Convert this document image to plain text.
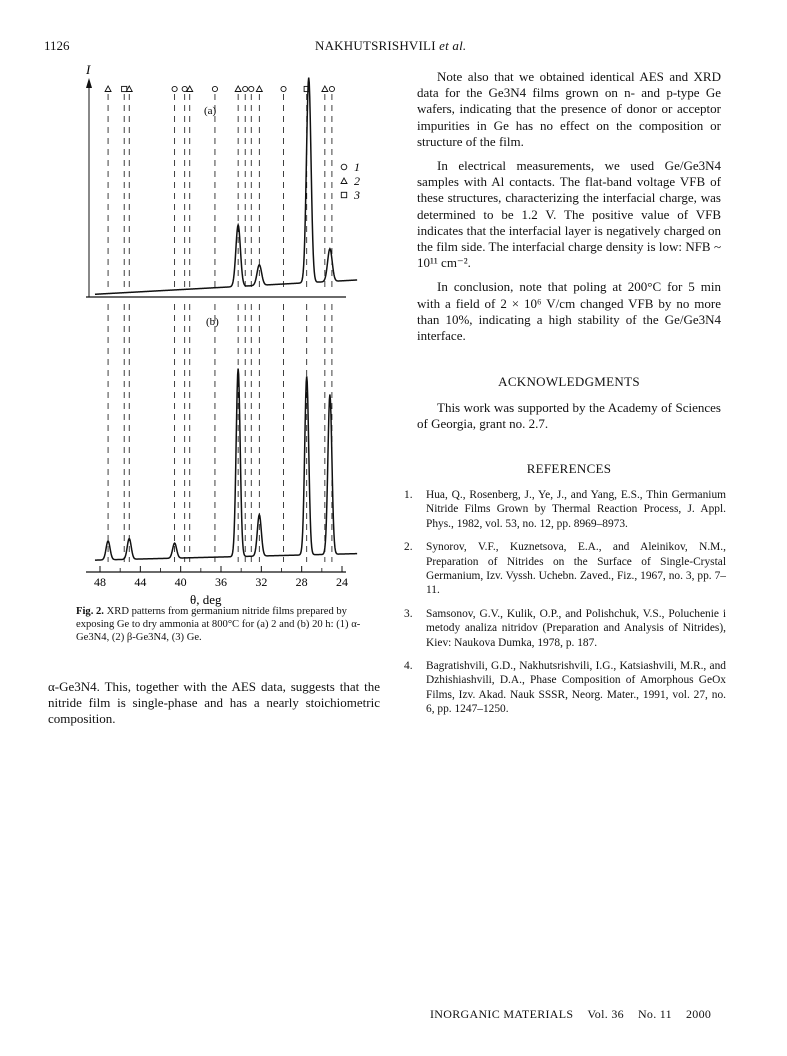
1126	NAKHUTSRISHVILI et al.
48 44 40 36 32 28 24
I
(a)
(b)
θ, deg
1
2
3
Fig. 2. XRD patterns from germanium nitride films prepared by exposing Ge to dry ammonia at 800°C for (a) 2 and (b) 20 h: (1) α-Ge3N4, (2) β-Ge3N4, (3) Ge.
α-Ge3N4. This, together with the AES data, suggests that the nitride film is single-phase and has a nearly stoichiometric composition.

Note also that we obtained identical AES and XRD data for the Ge3N4 films grown on n- and p-type Ge wafers, indicating that the presence of donor or acceptor impurities in Ge has no effect on the composition or structure of the film.

In electrical measurements, we used Ge/Ge3N4 samples with Al contacts. The flat-band voltage VFB of these structures, characterizing the interfacial charge, was determined to be 1.2 V. The positive value of VFB indicates that the interfacial layer is negatively charged on the film side. The interfacial charge density is low: NFB ~ 10¹¹ cm⁻².

In conclusion, note that poling at 200°C for 5 min with a field of 2 × 10⁶ V/cm changed VFB by no more than 10%, indicating a high stability of the Ge/Ge3N4 interface.

ACKNOWLEDGMENTS

This work was supported by the Academy of Sciences of Georgia, grant no. 2.7.

REFERENCES
1. Hua, Q., Rosenberg, J., Ye, J., and Yang, E.S., Thin Germanium Nitride Films Grown by Thermal Reaction Process, J. Appl. Phys., 1982, vol. 53, no. 12, pp. 8969–8973.
2. Synorov, V.F., Kuznetsova, E.A., and Aleinikov, N.M., Preparation of Nitrides on the Surface of Single-Crystal Germanium, Izv. Vyssh. Uchebn. Zaved., Fiz., 1967, no. 3, pp. 7–11.
3. Samsonov, G.V., Kulik, O.P., and Polishchuk, V.S., Poluchenie i metody analiza nitridov (Preparation and Analysis of Nitrides), Kiev: Naukova Dumka, 1978, p. 187.
4. Bagratishvili, G.D., Nakhutsrishvili, I.G., Katsiashvili, M.R., and Dzhishiashvili, D.A., Phase Composition of Amorphous GeOx Films, Izv. Akad. Nauk SSSR, Neorg. Mater., 1991, vol. 27, no. 6, pp. 1247–1250.
INORGANIC MATERIALS Vol. 36 No. 11 2000
